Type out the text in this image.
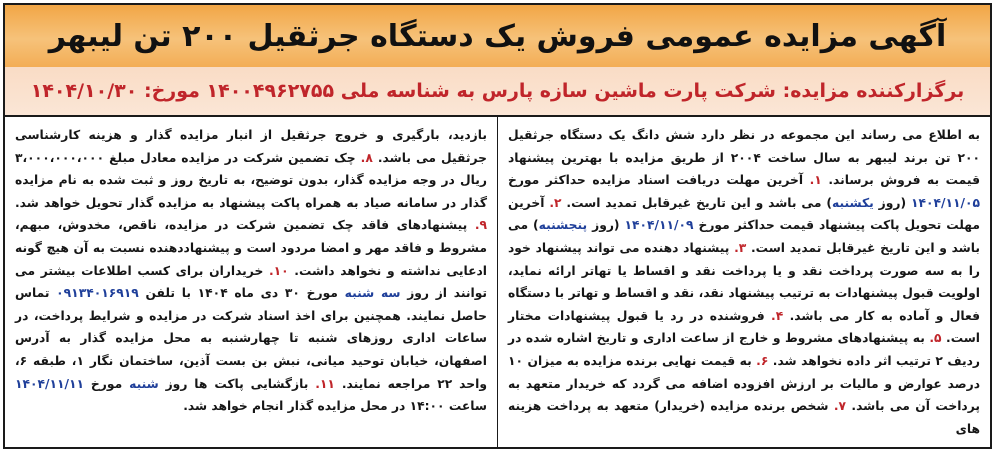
آگهی مزایده عمومی فروش یک دستگاه جرثقیل ۲۰۰ تن لیبهر
برگزارکننده مزایده: شرکت پارت ماشین سازه پارس به شناسه ملی ۱۴۰۰۴۹۶۲۷۵۵ مورخ: ۱۴۰۴/۱۰/۳۰
به اطلاع می رساند این مجموعه در نظر دارد شش دانگ یک دستگاه جرثقیل ۲۰۰ تن برند لیبهر به سال ساخت ۲۰۰۴ از طریق مزایده با بهترین پیشنهاد قیمت به فروش برساند. ۱. آخرین مهلت دریافت اسناد مزایده حداکثر مورخ ۱۴۰۴/۱۱/۰۵ (روز یکشنبه) می باشد و این تاریخ غیرقابل تمدید است. ۲. آخرین مهلت تحویل پاکت پیشنهاد قیمت حداکثر مورخ ۱۴۰۴/۱۱/۰۹ (روز پنجشنبه) می باشد و این تاریخ غیرقابل تمدید است. ۳. پیشنهاد دهنده می تواند پیشنهاد خود را به سه صورت پرداخت نقد و یا پرداخت نقد و اقساط یا تهاتر ارائه نماید، اولویت قبول پیشنهادات به ترتیب پیشنهاد نقد، نقد و اقساط و تهاتر با دستگاه فعال و آماده به کار می باشد. ۴. فروشنده در رد یا قبول پیشنهادات مختار است. ۵. به پیشنهادهای مشروط و خارج از ساعت اداری و تاریخ اشاره شده در ردیف ۲ ترتیب اثر داده نخواهد شد. ۶. به قیمت نهایی برنده مزایده به میزان ۱۰ درصد عوارض و مالیات بر ارزش افزوده اضافه می گردد که خریدار متعهد به پرداخت آن می باشد. ۷. شخص برنده مزایده (خریدار) متعهد به پرداخت هزینه های
بازدید، بارگیری و خروج جرثقیل از انبار مزایده گذار و هزینه کارشناسی جرثقیل می باشد. ۸. چک تضمین شرکت در مزایده معادل مبلغ ۳،۰۰۰،۰۰۰،۰۰۰ ریال در وجه مزایده گذار، بدون توضیح، به تاریخ روز و ثبت شده به نام مزایده گذار در سامانه صیاد به همراه پاکت پیشنهاد به مزایده گذار تحویل خواهد شد. ۹. پیشنهادهای فاقد چک تضمین شرکت در مزایده، ناقص، مخدوش، مبهم، مشروط و فاقد مهر و امضا مردود است و پیشنهاددهنده نسبت به آن هیچ گونه ادعایی نداشته و نخواهد داشت. ۱۰. خریداران برای کسب اطلاعات بیشتر می توانند از روز سه شنبه مورخ ۳۰ دی ماه ۱۴۰۴ با تلفن ۰۹۱۳۴۰۱۶۹۱۹ تماس حاصل نمایند. همچنین برای اخذ اسناد شرکت در مزایده و شرایط پرداخت، در ساعات اداری روزهای شنبه تا چهارشنبه به محل مزایده گذار به آدرس اصفهان، خیابان توحید میانی، نبش بن بست آذین، ساختمان نگار ۱، طبقه ۶، واحد ۲۲ مراجعه نمایند. ۱۱. بازگشایی پاکت ها روز شنبه مورخ ۱۴۰۴/۱۱/۱۱ ساعت ۱۴:۰۰ در محل مزایده گذار انجام خواهد شد.
